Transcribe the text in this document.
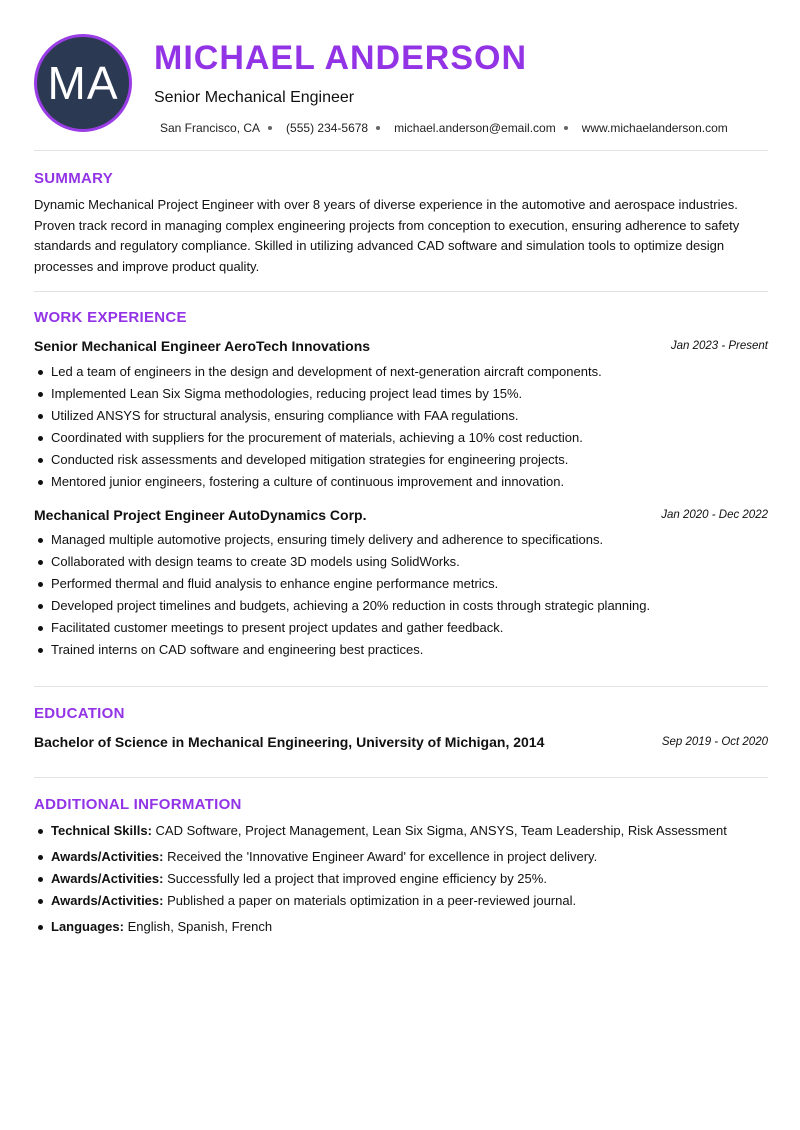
MA MICHAEL ANDERSON
Senior Mechanical Engineer
San Francisco, CA (555) 234-5678 michael.anderson@email.com www.michaelanderson.com
SUMMARY
Dynamic Mechanical Project Engineer with over 8 years of diverse experience in the automotive and aerospace industries. Proven track record in managing complex engineering projects from conception to execution, ensuring adherence to safety standards and regulatory compliance. Skilled in utilizing advanced CAD software and simulation tools to optimize design processes and improve product quality.
WORK EXPERIENCE
Senior Mechanical Engineer AeroTech Innovations	Jan 2023 - Present
Led a team of engineers in the design and development of next-generation aircraft components.
Implemented Lean Six Sigma methodologies, reducing project lead times by 15%.
Utilized ANSYS for structural analysis, ensuring compliance with FAA regulations.
Coordinated with suppliers for the procurement of materials, achieving a 10% cost reduction.
Conducted risk assessments and developed mitigation strategies for engineering projects.
Mentored junior engineers, fostering a culture of continuous improvement and innovation.
Mechanical Project Engineer AutoDynamics Corp.	Jan 2020 - Dec 2022
Managed multiple automotive projects, ensuring timely delivery and adherence to specifications.
Collaborated with design teams to create 3D models using SolidWorks.
Performed thermal and fluid analysis to enhance engine performance metrics.
Developed project timelines and budgets, achieving a 20% reduction in costs through strategic planning.
Facilitated customer meetings to present project updates and gather feedback.
Trained interns on CAD software and engineering best practices.
EDUCATION
Bachelor of Science in Mechanical Engineering, University of Michigan, 2014	Sep 2019 - Oct 2020
ADDITIONAL INFORMATION
Technical Skills: CAD Software, Project Management, Lean Six Sigma, ANSYS, Team Leadership, Risk Assessment
Awards/Activities: Received the 'Innovative Engineer Award' for excellence in project delivery.
Awards/Activities: Successfully led a project that improved engine efficiency by 25%.
Awards/Activities: Published a paper on materials optimization in a peer-reviewed journal.
Languages: English, Spanish, French
